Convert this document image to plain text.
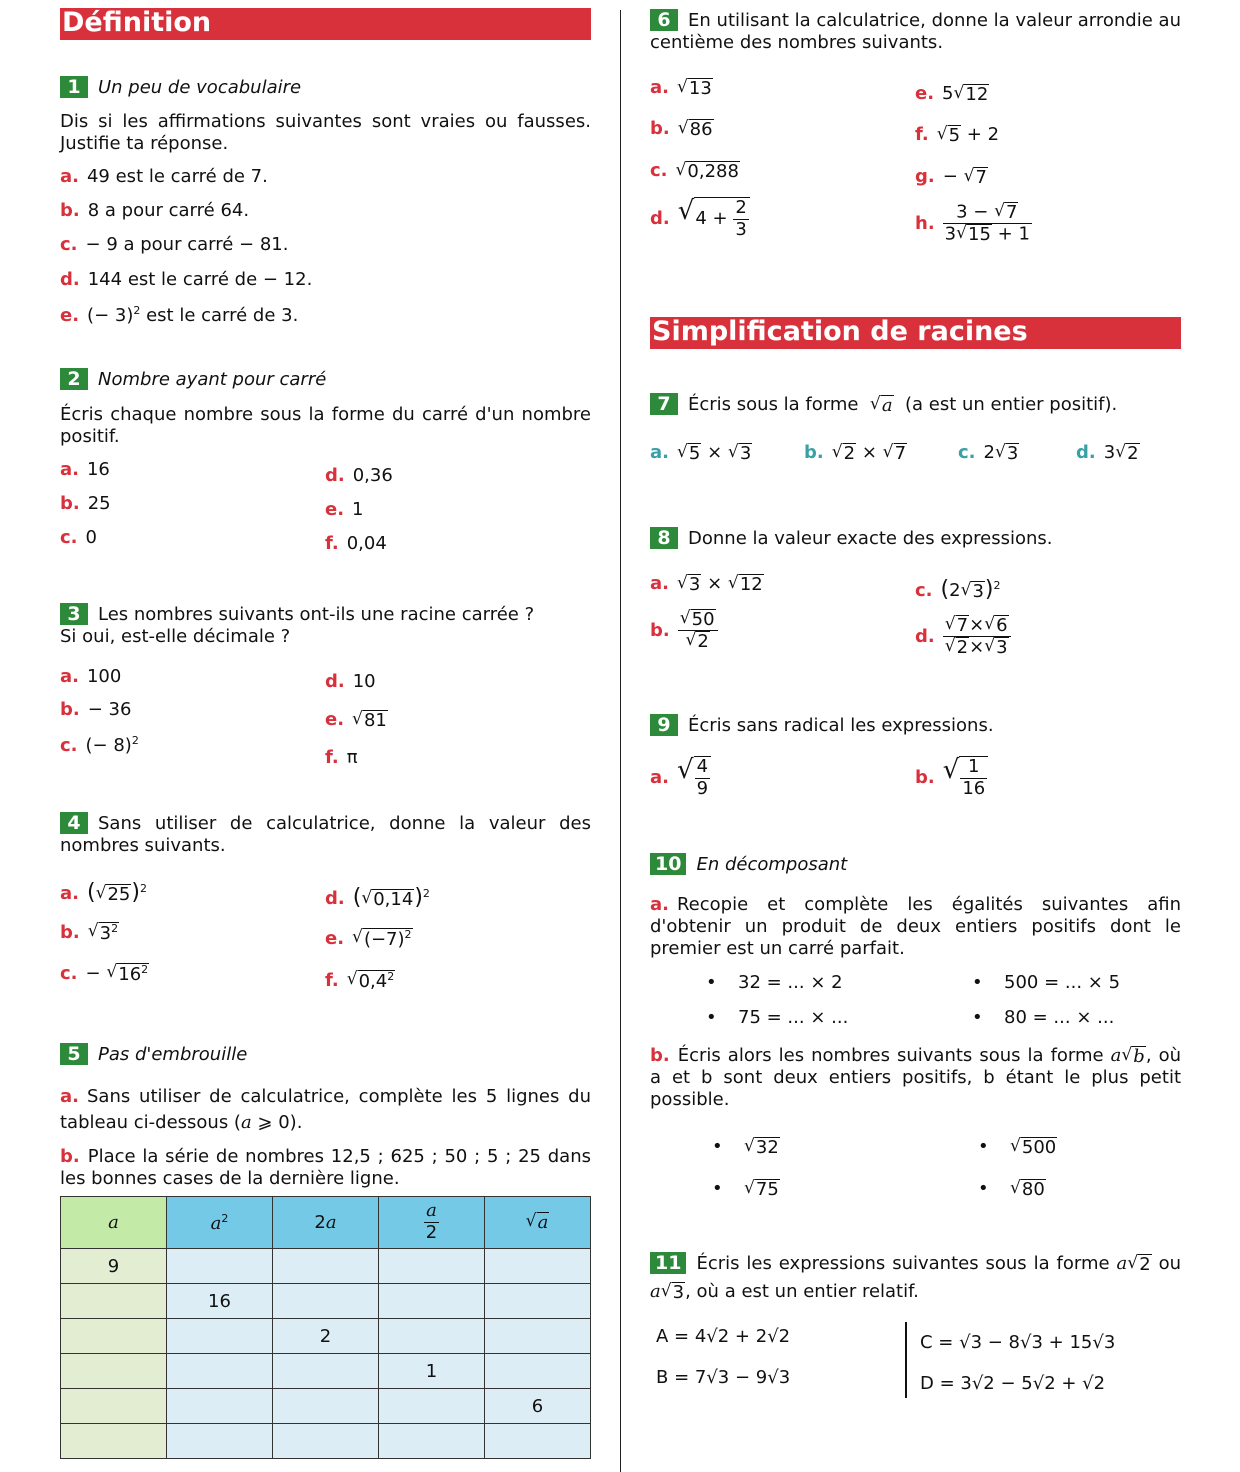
Définition
1 Un peu de vocabulaire
Dis si les affirmations suivantes sont vraies ou fausses. Justifie ta réponse.
a. 49 est le carré de 7.
b. 8 a pour carré 64.
c. − 9 a pour carré − 81.
d. 144 est le carré de − 12.
e. (− 3)$^2$ est le carré de 3.
2 Nombre ayant pour carré
Écris chaque nombre sous la forme du carré d'un nombre positif.
a. 16
b. 25
c. 0
d. 0,36
e. 1
f. 0,04
3 Les nombres suivants ont-ils une racine carrée ?
Si oui, est-elle décimale ?
a. 100
b. − 36
c. (− 8)$^2$
d. 10
e. √ 81
f. π
4 Sans utiliser de calculatrice, donne la valeur des nombres suivants.
a. ( √ 25 )$^2$
b. √ $3^2$
c. − √ $16^2$
d. ( √ 0,14 )$^2$
e. √ $(-7)^2$
f. √ $0,4^2$
5 Pas d'embrouille
a. Sans utiliser de calculatrice, complète les 5 lignes du tableau ci-dessous (a ⩾ 0).
b. Place la série de nombres 12,5 ; 625 ; 50 ; 5 ; 25 dans les bonnes cases de la dernière ligne.
a	$a^2$	2a	$\frac{a}{2}$	√ a

9				
	16			
		2		
			1	
				6

6 En utilisant la calculatrice, donne la valeur arrondie au centième des nombres suivants.
a. √ 13
b. √ 86
c. √ 0,288
d. √ 4 +
$\frac{2}{3}$
e. 5 √ 12
f. √ 5 + 2
g. − √ 7
h. $\frac{3 - √ 7}{3 √ 15 + 1}$
Simplification de racines
7 Écris sous la forme √ a (a est un entier positif).
a. √ 5 × √ 3	b. √ 2 × √ 7	c. 2 √ 3	d. 3 √ 2
8 Donne la valeur exacte des expressions.
a. √ 3 × √ 12
b. $\frac{√ 50}{√ 2}$
c. (2 √ 3 )$^2$
d. $\frac{√ 7 \times √ 6}{√ 2 \times √ 3}$
9 Écris sans radical les expressions.
a. √ $\frac{4}{9}$	b. √ $\frac{1}{16}$
10 En décomposant
a. Recopie et complète les égalités suivantes afin d'obtenir un produit de deux entiers positifs dont le premier est un carré parfait.
• 32 = ... × 2	• 500 = ... × 5
• 75 = ... × ...	• 80 = ... × ...
b. Écris alors les nombres suivants sous la forme a √ b , où a et b sont deux entiers positifs, b étant le plus petit possible.
• √ 32	• √ 500
• √ 75	• √ 80
11 Écris les expressions suivantes sous la forme a √ 2 ou a √ 3 , où a est un entier relatif.
A = 4√2 + 2√2
B = 7√3 − 9√3
C = √3 − 8√3 + 15√3
D = 3√2 − 5√2 + √2
